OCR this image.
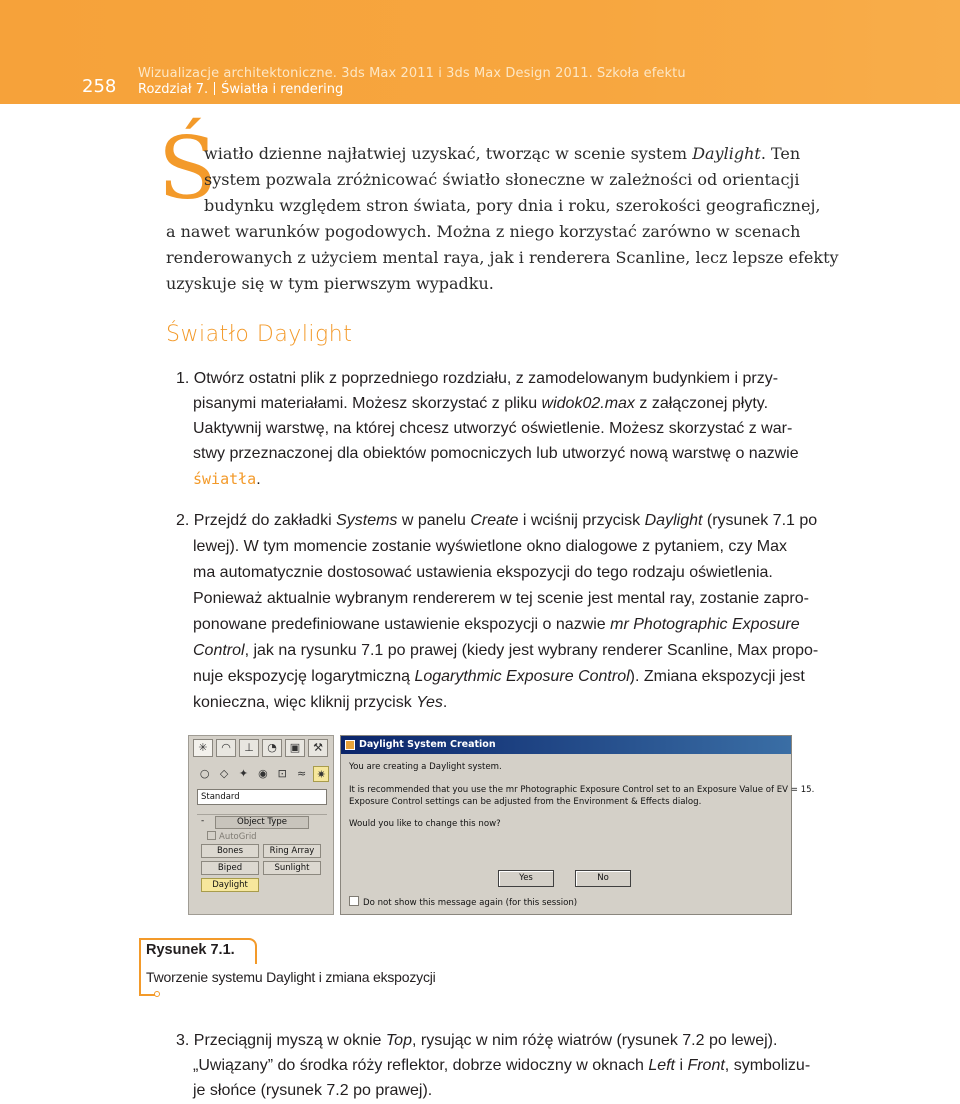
258
Wizualizacje architektoniczne. 3ds Max 2011 i 3ds Max Design 2011. Szkoła efektu
Rozdział 7. Światła i rendering
Ś
wiatło dzienne najłatwiej uzyskać, tworząc w scenie system Daylight. Ten
system pozwala zróżnicować światło słoneczne w zależności od orientacji
budynku względem stron świata, pory dnia i roku, szerokości geograficznej,
a nawet warunków pogodowych. Można z niego korzystać zarówno w scenach
renderowanych z użyciem mental raya, jak i renderera Scanline, lecz lepsze efekty
uzyskuje się w tym pierwszym wypadku.
Światło Daylight
1. Otwórz ostatni plik z poprzedniego rozdziału, z zamodelowanym budynkiem i przy-
pisanymi materiałami. Możesz skorzystać z pliku widok02.max z załączonej płyty.
Uaktywnij warstwę, na której chcesz utworzyć oświetlenie. Możesz skorzystać z war-
stwy przeznaczonej dla obiektów pomocniczych lub utworzyć nową warstwę o nazwie
światła.
2. Przejdź do zakładki Systems w panelu Create i wciśnij przycisk Daylight (rysunek 7.1 po
lewej). W tym momencie zostanie wyświetlone okno dialogowe z pytaniem, czy Max
ma automatycznie dostosować ustawienia ekspozycji do tego rodzaju oświetlenia.
Ponieważ aktualnie wybranym rendererem w tej scenie jest mental ray, zostanie zapro-
ponowane predefiniowane ustawienie ekspozycji o nazwie mr Photographic Exposure
Control, jak na rysunku 7.1 po prawej (kiedy jest wybrany renderer Scanline, Max propo-
nuje ekspozycję logarytmiczną Logarythmic Exposure Control). Zmiana ekspozycji jest
konieczna, więc kliknij przycisk Yes.
✳	◠	⊥	◔	▣	⚒
○ ◇ ✦ ◉ ⊡ ≈ ✷
Standard
-	Object Type
AutoGrid
Bones	Ring Array
Biped	Sunlight
Daylight
Daylight System Creation
You are creating a Daylight system.
It is recommended that you use the mr Photographic Exposure Control set to an Exposure Value of EV = 15.
Exposure Control settings can be adjusted from the Environment & Effects dialog.
Would you like to change this now?
Yes	No
Do not show this message again (for this session)
Rysunek 7.1.
Tworzenie systemu Daylight i zmiana ekspozycji
3. Przeciągnij myszą w oknie Top, rysując w nim różę wiatrów (rysunek 7.2 po lewej).
„Uwiązany” do środka róży reflektor, dobrze widoczny w oknach Left i Front, symbolizu-
je słońce (rysunek 7.2 po prawej).
